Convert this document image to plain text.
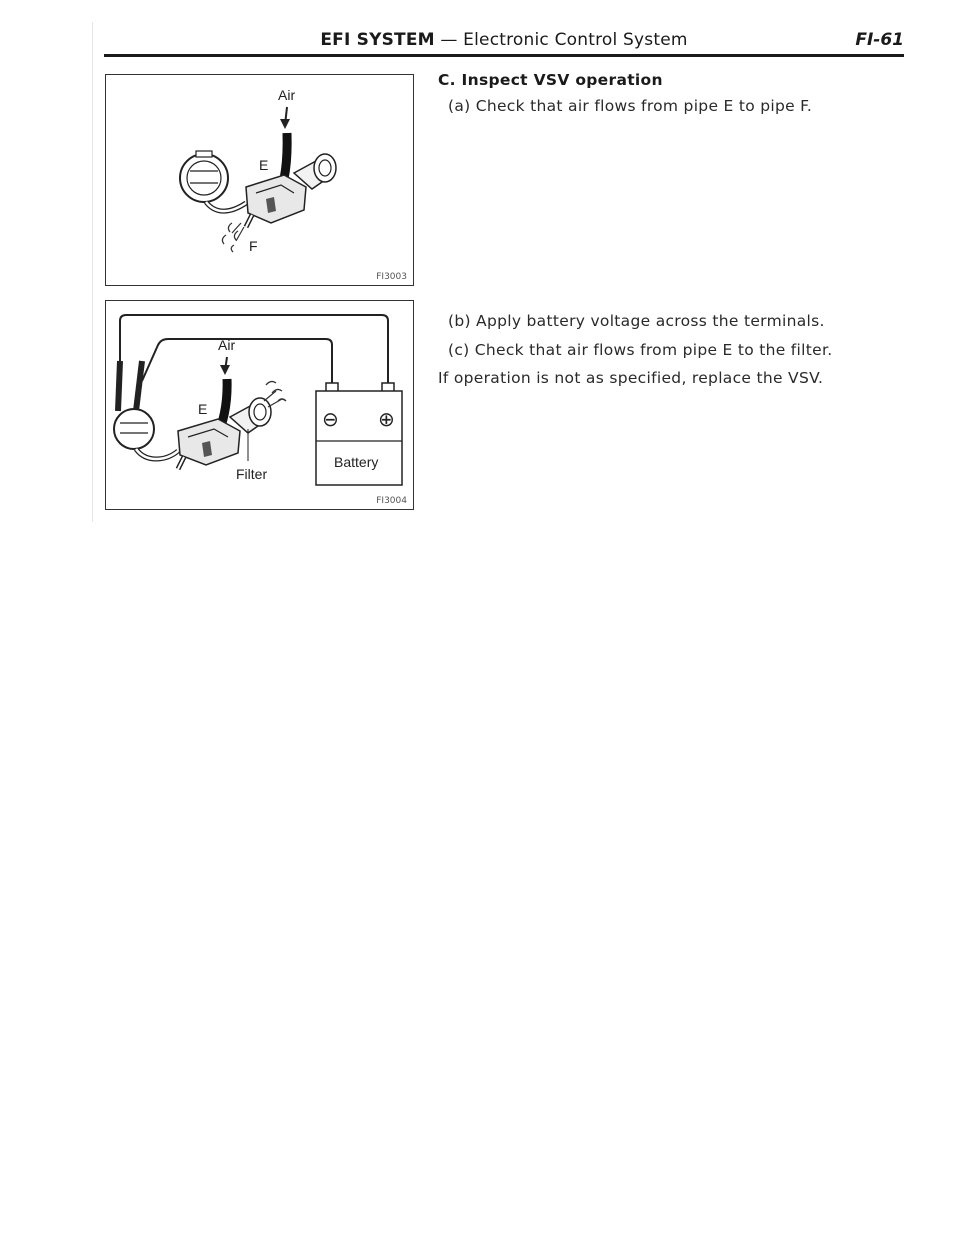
EFI SYSTEM — Electronic Control System	FI-61
Air
E
F
FI3003
Air
E
Filter
⊖ ⊕
Battery
FI3004
C. Inspect VSV operation
(a) Check that air flows from pipe E to pipe F.
(b) Apply battery voltage across the terminals.
(c) Check that air flows from pipe E to the filter.
If operation is not as specified, replace the VSV.
